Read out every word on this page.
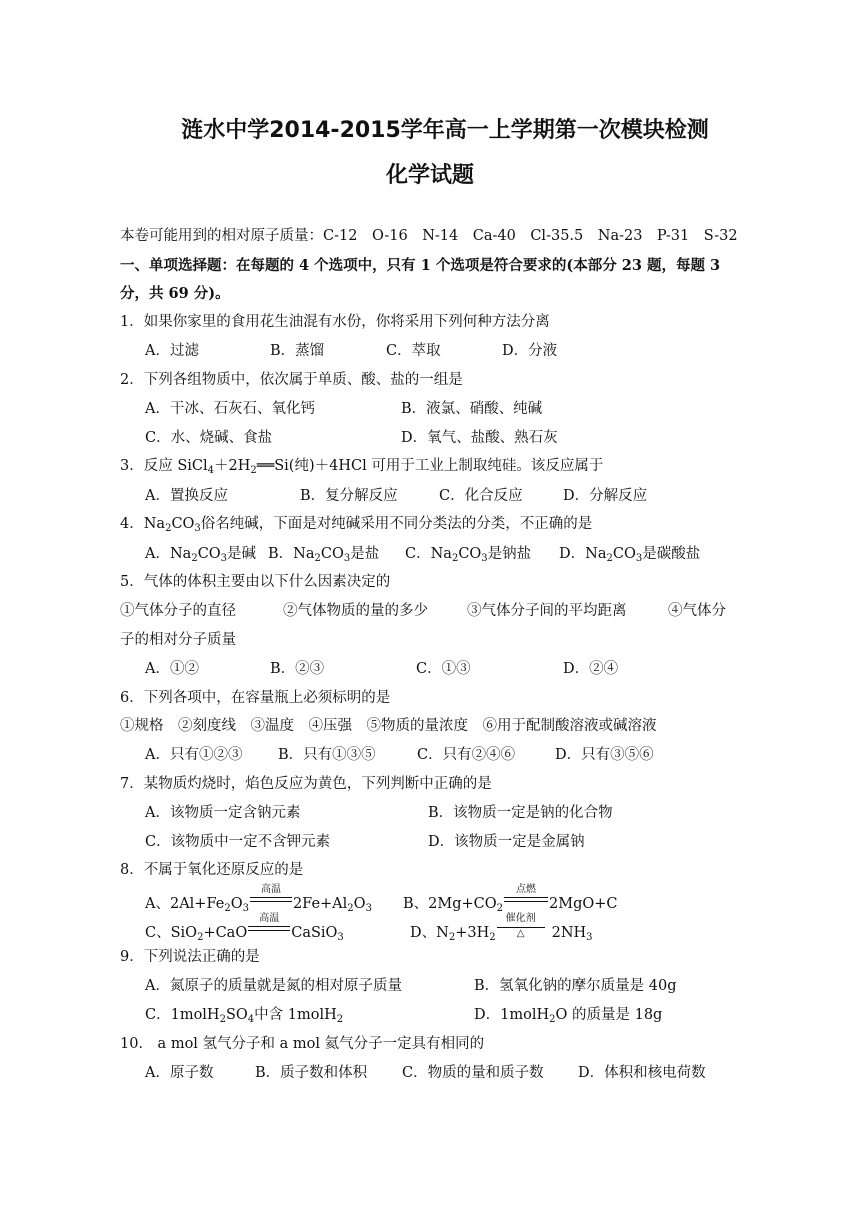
涟水中学2014-2015学年高一上学期第一次模块检测
化学试题
本卷可能用到的相对原子质量：C-12　O-16　N-14　Ca-40　Cl-35.5　Na-23　P-31　S-32
一、单项选择题：在每题的 4 个选项中，只有 1 个选项是符合要求的(本部分 23 题，每题 3
分，共 69 分)。
1．如果你家里的食用花生油混有水份，你将采用下列何种方法分离
A．过滤	B．蒸馏	C．萃取	D．分液
2．下列各组物质中，依次属于单质、酸、盐的一组是
A．干冰、石灰石、氧化钙	B．液氯、硝酸、纯碱
C．水、烧碱、食盐	D．氧气、盐酸、熟石灰
3．反应 $SiCl_4+2H_2══Si$(纯)＋4HCl 可用于工业上制取纯硅。该反应属于
A．置换反应	B．复分解反应	C．化合反应	D．分解反应
4．$Na_2CO_3$俗名纯碱，下面是对纯碱采用不同分类法的分类，不正确的是
A．$Na_2CO_3$是碱 B．$Na_2CO_3$是盐 C．$Na_2CO_3$是钠盐 D．$Na_2CO_3$是碳酸盐
5．气体的体积主要由以下什么因素决定的
①气体分子的直径	②气体物质的量的多少	③气体分子间的平均距离	④气体分
子的相对分子质量
A．①②	B．②③	C．①③	D．②④
6．下列各项中，在容量瓶上必须标明的是
①规格　②刻度线　③温度　④压强　⑤物质的量浓度　⑥用于配制酸溶液或碱溶液
A．只有①②③ B．只有①③⑤	C．只有②④⑥	D．只有③⑤⑥
7．某物质灼烧时，焰色反应为黄色，下列判断中正确的是
A．该物质一定含钠元素	B．该物质一定是钠的化合物
C．该物质中一定不含钾元素	D．该物质一定是金属钠
8．不属于氧化还原反应的是
A、$2Al+Fe_2O_3$
高温
$2Fe+Al_2O_3$ B、$2Mg+CO_2$
点燃
2MgO+C
C、SiO$_2$+CaO
高温
CaSiO$_3$	D、$N_2+3H_2$
催化剂
△	$2NH_3$
9．下列说法正确的是
A．氮原子的质量就是氮的相对原子质量	B．氢氧化钠的摩尔质量是 40g
C．$1molH_2SO_4$中含 1molH$_2$	D．1molH$_2$O 的质量是 18g
10． a mol 氢气分子和 a mol 氦气分子一定具有相同的
A．原子数	B．质子数和体积 C．物质的量和质子数 D．体积和核电荷数
